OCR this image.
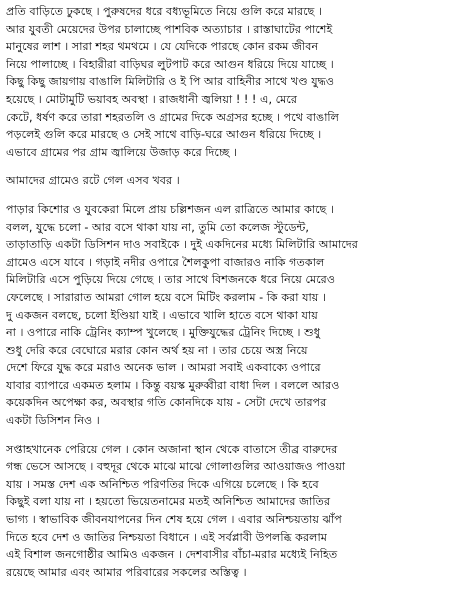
প্রতি বাড়িতে ঢুকছে । পুরুষদের ধরে বধ্যভূমিতে নিয়ে গুলি করে মারছে ।
আর যুবতী মেয়েদের উপর চালাচ্ছে পাশবিক অত্যাচার । রাস্তাঘাটের পাশেই
মানুষের লাশ । সারা শহর থমথমে । যে যেদিকে পারছে কোন রকম জীবন
নিয়ে পালাচ্ছে । বিহারীরা বাড়িঘর লুটপাট করে আগুন ধরিয়ে দিয়ে যাচ্ছে ।
কিছু কিছু জায়গায় বাঙালি মিলিটারি ও ই পি আর বাহিনীর সাথে খণ্ড যুদ্ধও
হয়েছে । মোটামুটি ভয়াবহ অবস্থা । রাজধানী জ্বলিয়া ! ! ! এ, মেরে
কেটে, ধর্ষণ করে তারা শহরতলি ও গ্রামের দিকে অগ্রসর হচ্ছে । পথে বাঙালি
পড়লেই গুলি করে মারছে ও সেই সাথে বাড়ি-ঘরে আগুন ধরিয়ে দিচ্ছে ।
এভাবে গ্রামের পর গ্রাম জ্বালিয়ে উজাড় করে দিচ্ছে ।

আমাদের গ্রামেও রটে গেল এসব খবর ।

পাড়ার কিশোর ও যুবকেরা মিলে প্রায় চল্লিশজন এল রাত্রিতে আমার কাছে ।
বলল, যুদ্ধে চলো - আর বসে থাকা যায় না, তুমি তো কলেজ স্টুডেন্ট,
তাড়াতাড়ি একটা ডিসিশন দাও সবাইকে । দুই একদিনের মধ্যে মিলিটারি আমাদের
গ্রামেও এসে যাবে । গড়াই নদীর ওপারে শৈলকুপা বাজারও নাকি গতকাল
মিলিটারি এসে পুড়িয়ে দিয়ে গেছে । তার সাথে বিশজনকে ধরে নিয়ে মেরেও
ফেলেছে । সারারাত আমরা গোল হয়ে বসে মিটিং করলাম - কি করা যায় ।
দু একজন বলছে, চলো ইণ্ডিয়া যাই । এভাবে খালি হাতে বসে থাকা যায়
না । ওপারে নাকি ট্রেনিং ক্যাম্প খুলেছে । মুক্তিযুদ্ধের ট্রেনিং দিচ্ছে । শুধু
শুধু দেরি করে বেঘোরে মরার কোন অর্থ হয় না । তার চেয়ে অস্ত্র নিয়ে
দেশে ফিরে যুদ্ধ করে মরাও অনেক ভাল । আমরা সবাই একবাক্যে ওপারে
যাবার ব্যাপারে একমত হলাম । কিন্তু বয়স্ক মুরুব্বীরা বাধা দিল । বললে আরও
কয়েকদিন অপেক্ষা কর, অবস্থার গতি কোনদিকে যায় - সেটা দেখে তারপর
একটা ডিসিশন নিও ।

সপ্তাহখানেক পেরিয়ে গেল । কোন অজানা স্থান থেকে বাতাসে তীব্র বারুদের
গন্ধ ভেসে আসছে । বহুদূর থেকে মাঝে মাঝে গোলাগুলির আওয়াজও পাওয়া
যায় । সমস্ত দেশ এক অনিশ্চিত পরিণতির দিকে এগিয়ে চলেছে । কি হবে
কিছুই বলা যায় না । হয়তো ভিয়েতনামের মতই অনিশ্চিত আমাদের জাতির
ভাগ্য । স্বাভাবিক জীবনযাপনের দিন শেষ হয়ে গেল । এবার অনিশ্চয়তায় ঝাঁপ
দিতে হবে দেশ ও জাতির নিশ্চয়তা বিধানে । এই সর্বপ্লাবী উপলব্ধি করলাম
এই বিশাল জনগোষ্ঠীর আমিও একজন । দেশবাসীর বাঁচা-মরার মধ্যেই নিহিত
রয়েছে আমার এবং আমার পরিবারের সকলের অস্তিত্ব ।
